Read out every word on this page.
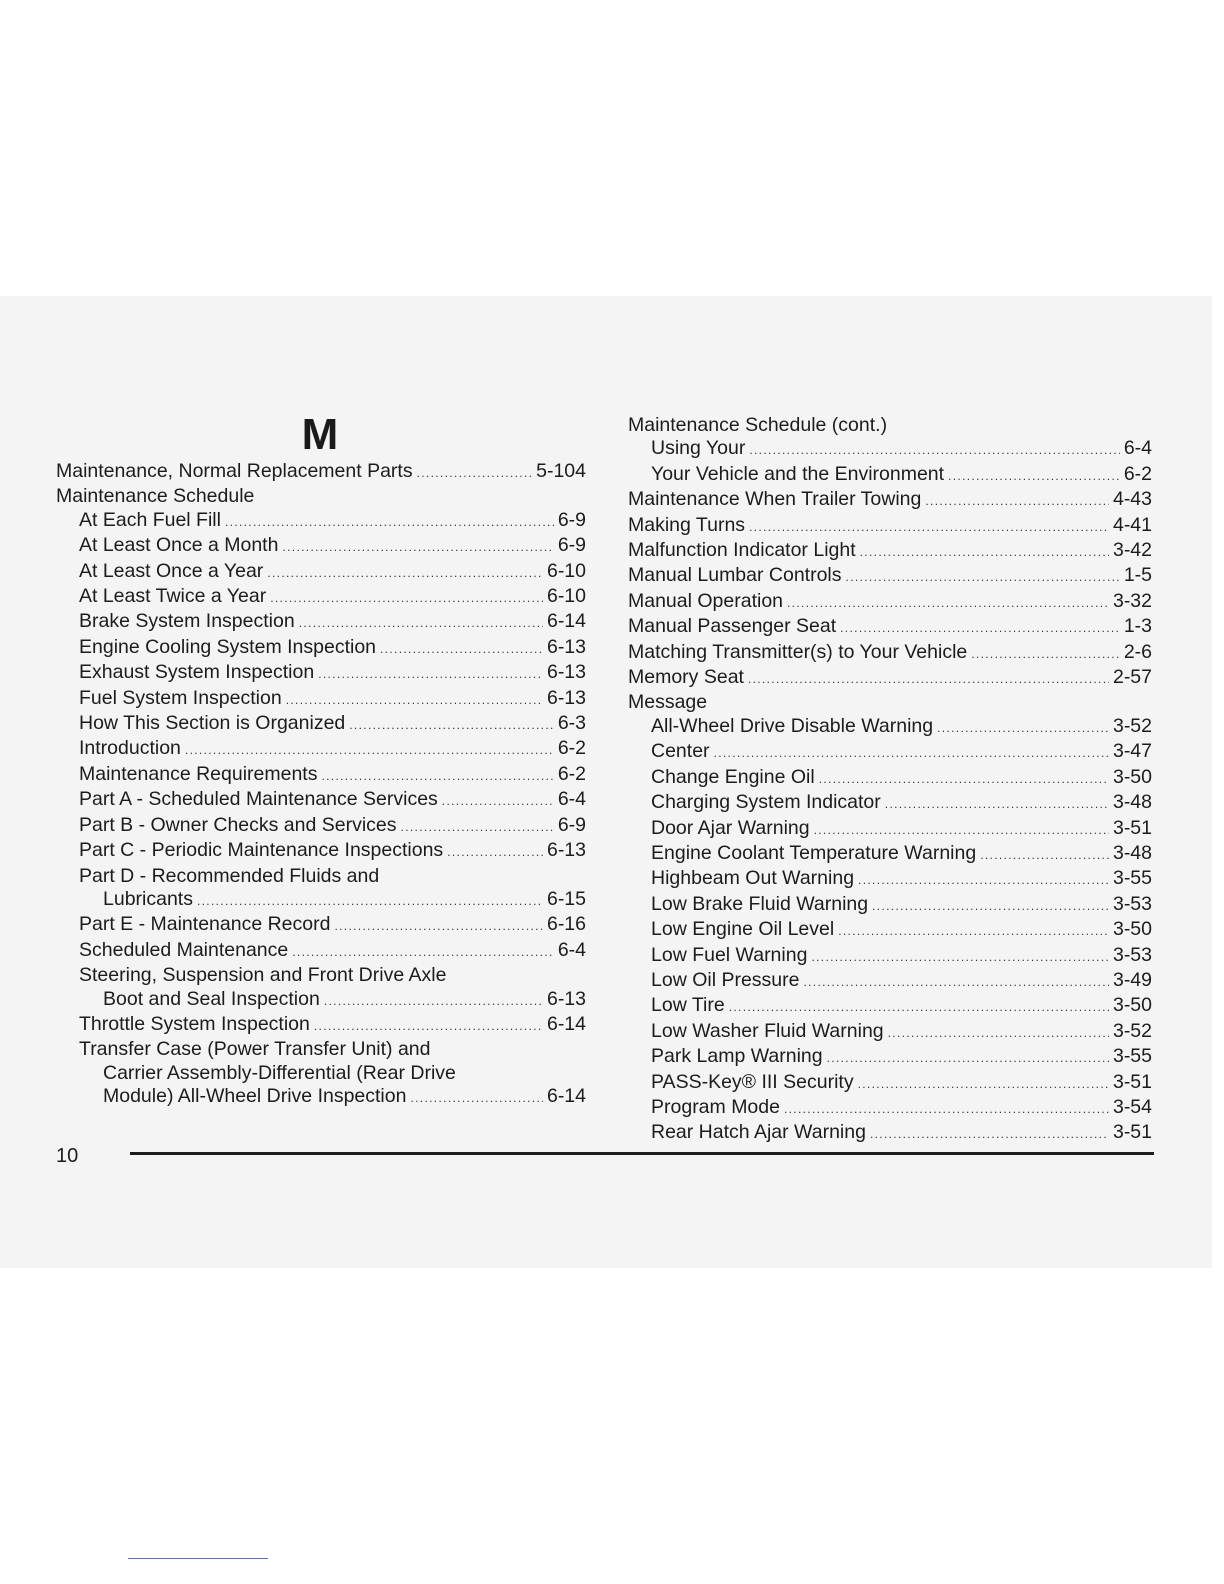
M
Maintenance, Normal Replacement Parts . . .	5-104
Maintenance Schedule
At Each Fuel Fill . . .	6-9
At Least Once a Month . . .	6-9
At Least Once a Year . . .	6-10
At Least Twice a Year . . .	6-10
Brake System Inspection . . .	6-14
Engine Cooling System Inspection . . .	6-13
Exhaust System Inspection . . .	6-13
Fuel System Inspection . . .	6-13
How This Section is Organized . . .	6-3
Introduction . . .	6-2
Maintenance Requirements . . .	6-2
Part A - Scheduled Maintenance Services . . .	6-4
Part B - Owner Checks and Services . . .	6-9
Part C - Periodic Maintenance Inspections . . .	6-13
Part D - Recommended Fluids and
Lubricants . . .	6-15
Part E - Maintenance Record . . .	6-16
Scheduled Maintenance . . .	6-4
Steering, Suspension and Front Drive Axle
Boot and Seal Inspection . . .	6-13
Throttle System Inspection . . .	6-14
Transfer Case (Power Transfer Unit) and
Carrier Assembly-Differential (Rear Drive
Module) All-Wheel Drive Inspection . . .	6-14
Maintenance Schedule (cont.)
Using Your . . .	6-4
Your Vehicle and the Environment . . .	6-2
Maintenance When Trailer Towing . . .	4-43
Making Turns . . .	4-41
Malfunction Indicator Light . . .	3-42
Manual Lumbar Controls . . .	1-5
Manual Operation . . .	3-32
Manual Passenger Seat . . .	1-3
Matching Transmitter(s) to Your Vehicle . . .	2-6
Memory Seat . . .	2-57
Message
All-Wheel Drive Disable Warning . . .	3-52
Center . . .	3-47
Change Engine Oil . . .	3-50
Charging System Indicator . . .	3-48
Door Ajar Warning . . .	3-51
Engine Coolant Temperature Warning . . .	3-48
Highbeam Out Warning . . .	3-55
Low Brake Fluid Warning . . .	3-53
Low Engine Oil Level . . .	3-50
Low Fuel Warning . . .	3-53
Low Oil Pressure . . .	3-49
Low Tire . . .	3-50
Low Washer Fluid Warning . . .	3-52
Park Lamp Warning . . .	3-55
PASS-Key® III Security . . .	3-51
Program Mode . . .	3-54
Rear Hatch Ajar Warning . . .	3-51
10
